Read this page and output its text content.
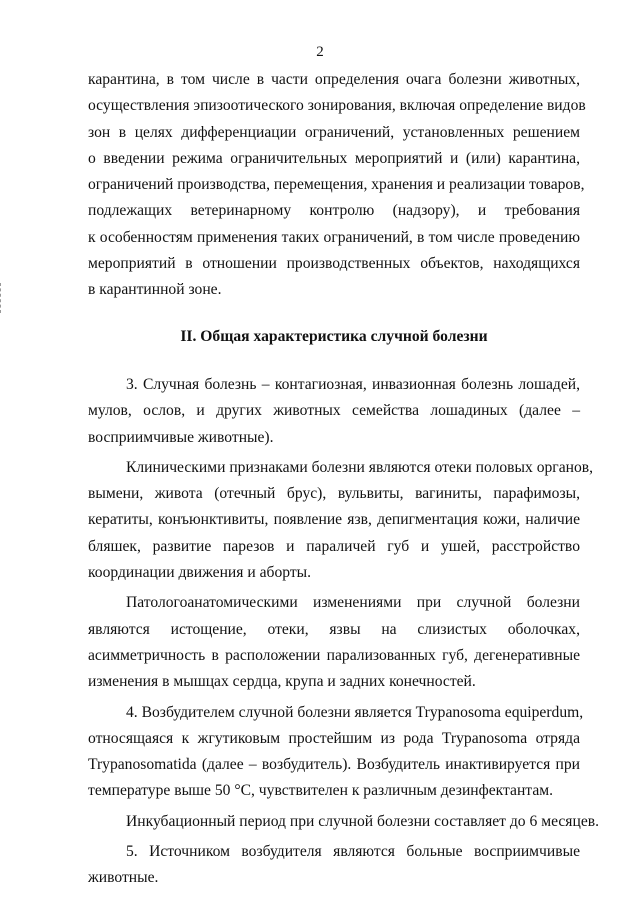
2
карантина, в том числе в части определения очага болезни животных,
осуществления эпизоотического зонирования, включая определение видов
зон в целях дифференциации ограничений, установленных решением
о введении режима ограничительных мероприятий и (или) карантина,
ограничений производства, перемещения, хранения и реализации товаров,
подлежащих ветеринарному контролю (надзору), и требования
к особенностям применения таких ограничений, в том числе проведению
мероприятий в отношении производственных объектов, находящихся
в карантинной зоне.
II. Общая характеристика случной болезни
3. Случная болезнь – контагиозная, инвазионная болезнь лошадей,
мулов, ослов, и других животных семейства лошадиных (далее –
восприимчивые животные).
Клиническими признаками болезни являются отеки половых органов,
вымени, живота (отечный брус), вульвиты, вагиниты, парафимозы,
кератиты, конъюнктивиты, появление язв, депигментация кожи, наличие
бляшек, развитие парезов и параличей губ и ушей, расстройство
координации движения и аборты.
Патологоанатомическими изменениями при случной болезни
являются истощение, отеки, язвы на слизистых оболочках,
асимметричность в расположении парализованных губ, дегенеративные
изменения в мышцах сердца, крупа и задних конечностей.
4. Возбудителем случной болезни является Trypanosoma equiperdum,
относящаяся к жгутиковым простейшим из рода Trypanosoma отряда
Trypanosomatida (далее – возбудитель). Возбудитель инактивируется при
температуре выше 50 °С, чувствителен к различным дезинфектантам.
Инкубационный период при случной болезни составляет до 6 месяцев.
5. Источником возбудителя являются больные восприимчивые
животные.
